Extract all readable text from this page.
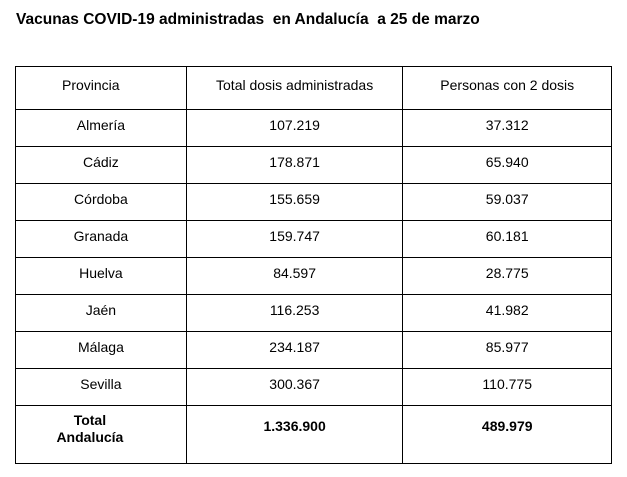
Vacunas COVID-19 administradas  en Andalucía  a 25 de marzo
Provincia	Total dosis administradas	Personas con 2 dosis

Almería	107.219	37.312

Cádiz	178.871	65.940

Córdoba	155.659	59.037

Granada	159.747	60.181

Huelva	84.597	28.775

Jaén	116.253	41.982

Málaga	234.187	85.977

Sevilla	300.367	110.775

Total
Andalucía	1.336.900	489.979
